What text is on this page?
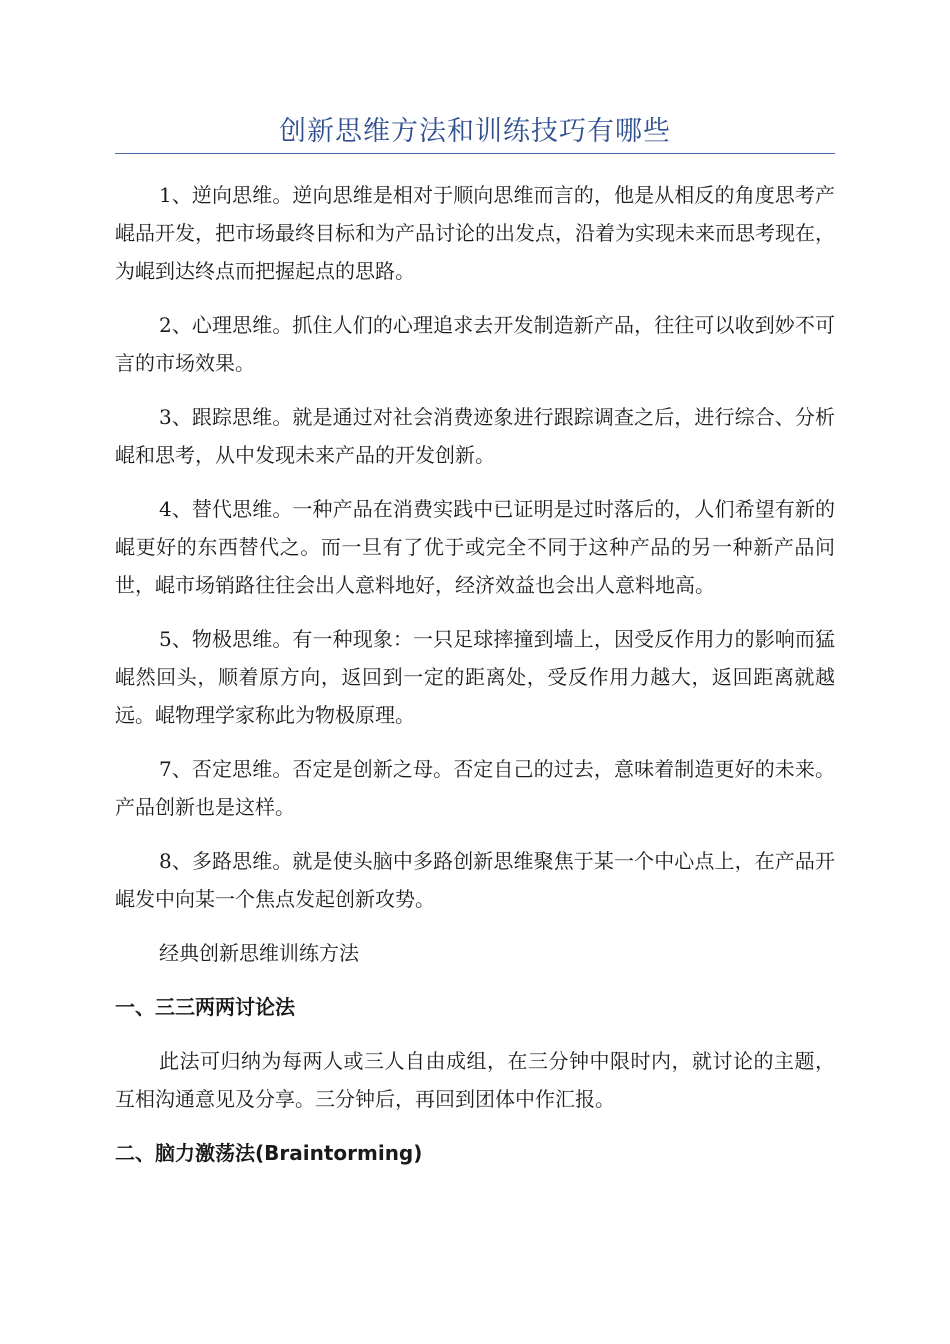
创新思维方法和训练技巧有哪些

1、逆向思维。逆向思维是相对于顺向思维而言的，他是从相反的角度思考产崐品开发，把市场最终目标和为产品讨论的出发点，沿着为实现未来而思考现在，为崐到达终点而把握起点的思路。

2、心理思维。抓住人们的心理追求去开发制造新产品，往往可以收到妙不可言的市场效果。

3、跟踪思维。就是通过对社会消费迹象进行跟踪调查之后，进行综合、分析崐和思考，从中发现未来产品的开发创新。

4、替代思维。一种产品在消费实践中已证明是过时落后的，人们希望有新的崐更好的东西替代之。而一旦有了优于或完全不同于这种产品的另一种新产品问世，崐市场销路往往会出人意料地好，经济效益也会出人意料地高。

5、物极思维。有一种现象：一只足球摔撞到墙上，因受反作用力的影响而猛崐然回头，顺着原方向，返回到一定的距离处，受反作用力越大，返回距离就越远。崐物理学家称此为物极原理。

7、否定思维。否定是创新之母。否定自己的过去，意味着制造更好的未来。产品创新也是这样。

8、多路思维。就是使头脑中多路创新思维聚焦于某一个中心点上，在产品开崐发中向某一个焦点发起创新攻势。

经典创新思维训练方法

一、三三两两讨论法

此法可归纳为每两人或三人自由成组，在三分钟中限时内，就讨论的主题，互相沟通意见及分享。三分钟后，再回到团体中作汇报。

二、脑力激荡法(Braintorming)
